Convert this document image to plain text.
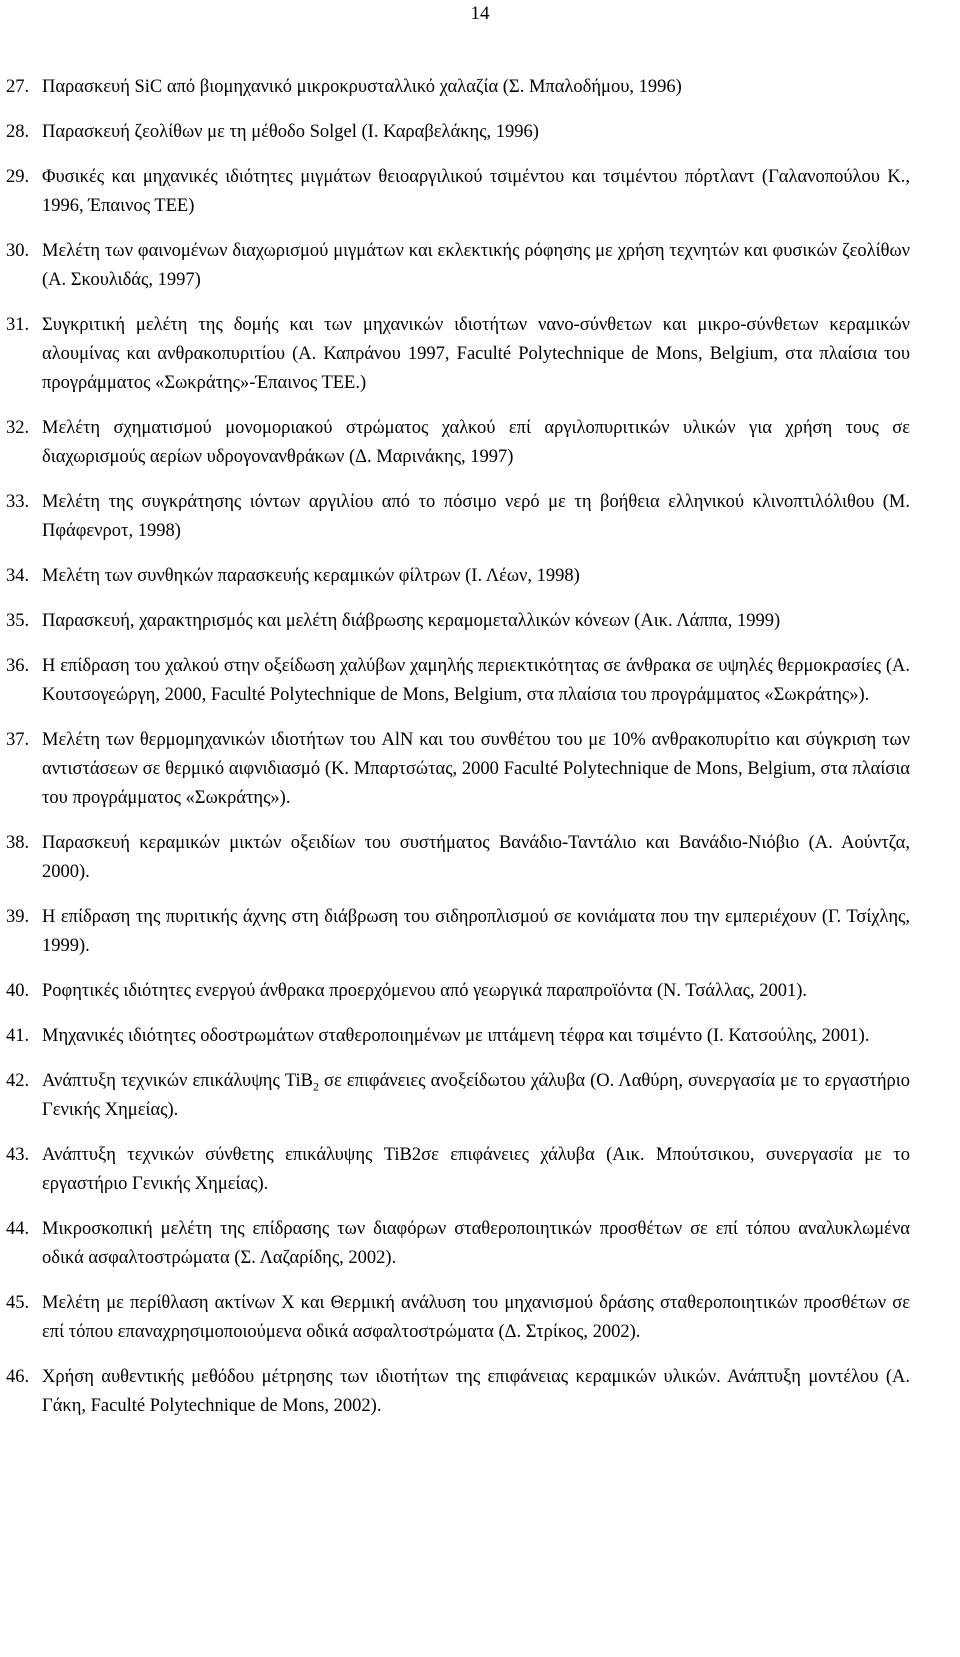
14
27. Παρασκευή SiC από βιομηχανικό μικροκρυσταλλικό χαλαζία (Σ. Μπαλοδήμου, 1996)
28. Παρασκευή ζεολίθων με τη μέθοδο Solgel (Ι. Καραβελάκης, 1996)
29. Φυσικές και μηχανικές ιδιότητες μιγμάτων θειοαργιλικού τσιμέντου και τσιμέντου πόρτλαντ (Γαλανοπούλου Κ., 1996, Έπαινος ΤΕΕ)
30. Μελέτη των φαινομένων διαχωρισμού μιγμάτων και εκλεκτικής ρόφησης με χρήση τεχνητών και φυσικών ζεολίθων (Α. Σκουλιδάς, 1997)
31. Συγκριτική μελέτη της δομής και των μηχανικών ιδιοτήτων νανο-σύνθετων και μικρο-σύνθετων κεραμικών αλουμίνας και ανθρακοπυριτίου (Α. Καπράνου 1997, Faculté Polytechnique de Mons, Belgium, στα πλαίσια του προγράμματος «Σωκράτης»-Έπαινος ΤΕΕ.)
32. Μελέτη σχηματισμού μονομοριακού στρώματος χαλκού επί αργιλοπυριτικών υλικών για χρήση τους σε διαχωρισμούς αερίων υδρογονανθράκων (Δ. Μαρινάκης, 1997)
33. Μελέτη της συγκράτησης ιόντων αργιλίου από το πόσιμο νερό με τη βοήθεια ελληνικού κλινοπτιλόλιθου (Μ. Πφάφενροτ, 1998)
34. Μελέτη των συνθηκών παρασκευής κεραμικών φίλτρων (Ι. Λέων, 1998)
35. Παρασκευή, χαρακτηρισμός και μελέτη διάβρωσης κεραμομεταλλικών κόνεων (Αικ. Λάππα, 1999)
36. Η επίδραση του χαλκού στην οξείδωση χαλύβων χαμηλής περιεκτικότητας σε άνθρακα σε υψηλές θερμοκρασίες (Α. Κουτσογεώργη, 2000, Faculté Polytechnique de Mons, Belgium, στα πλαίσια του προγράμματος «Σωκράτης»).
37. Μελέτη των θερμομηχανικών ιδιοτήτων του AlN και του συνθέτου του με 10% ανθρακοπυρίτιο και σύγκριση των αντιστάσεων σε θερμικό αιφνιδιασμό (Κ. Μπαρτσώτας, 2000 Faculté Polytechnique de Mons, Belgium, στα πλαίσια του προγράμματος «Σωκράτης»).
38. Παρασκευή κεραμικών μικτών οξειδίων του συστήματος Βανάδιο-Ταντάλιο και Βανάδιο-Νιόβιο (Α. Αούντζα, 2000).
39. Η επίδραση της πυριτικής άχνης στη διάβρωση του σιδηροπλισμού σε κονιάματα που την εμπεριέχουν (Γ. Τσίχλης, 1999).
40. Ροφητικές ιδιότητες ενεργού άνθρακα προερχόμενου από γεωργικά παραπροϊόντα (Ν. Τσάλλας, 2001).
41. Μηχανικές ιδιότητες οδοστρωμάτων σταθεροποιημένων με ιπτάμενη τέφρα και τσιμέντο (Ι. Κατσούλης, 2001).
42. Ανάπτυξη τεχνικών επικάλυψης TiB$_2$ σε επιφάνειες ανοξείδωτου χάλυβα (Ο. Λαθύρη, συνεργασία με το εργαστήριο Γενικής Χημείας).
43. Ανάπτυξη τεχνικών σύνθετης επικάλυψης TiB2σε επιφάνειες χάλυβα (Αικ. Μπούτσικου, συνεργασία με το εργαστήριο Γενικής Χημείας).
44. Μικροσκοπική μελέτη της επίδρασης των διαφόρων σταθεροποιητικών προσθέτων σε επί τόπου αναλυκλωμένα οδικά ασφαλτοστρώματα (Σ. Λαζαρίδης, 2002).
45. Μελέτη με περίθλαση ακτίνων Χ και Θερμική ανάλυση του μηχανισμού δράσης σταθεροποιητικών προσθέτων σε επί τόπου επαναχρησιμοποιούμενα οδικά ασφαλτοστρώματα (Δ. Στρίκος, 2002).
46. Χρήση αυθεντικής μεθόδου μέτρησης των ιδιοτήτων της επιφάνειας κεραμικών υλικών. Ανάπτυξη μοντέλου (Α. Γάκη, Faculté Polytechnique de Mons, 2002).
